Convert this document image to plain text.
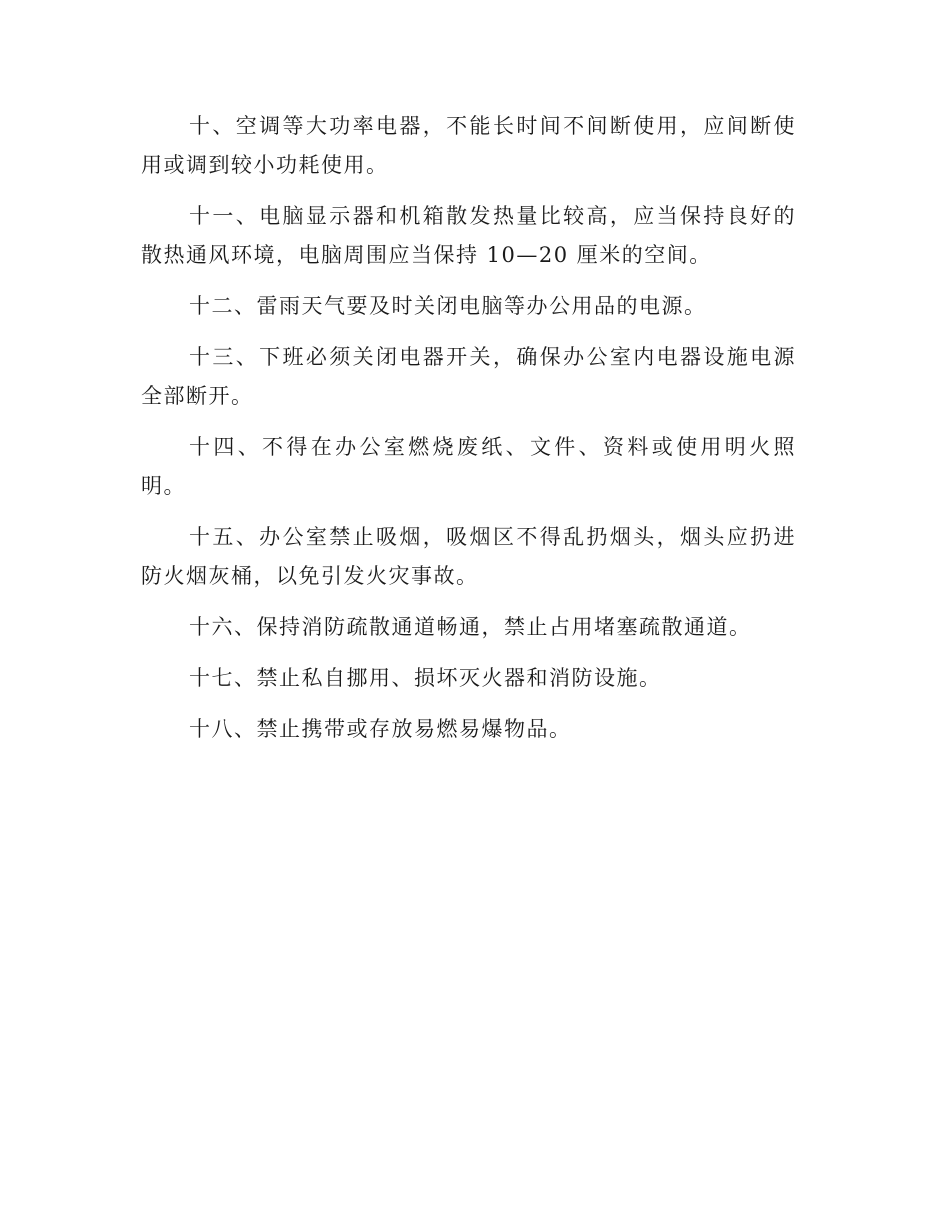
十、空调等大功率电器，不能长时间不间断使用，应间断使用或调到较小功耗使用。

十一、电脑显示器和机箱散发热量比较高，应当保持良好的散热通风环境，电脑周围应当保持 10—20 厘米的空间。

十二、雷雨天气要及时关闭电脑等办公用品的电源。

十三、下班必须关闭电器开关，确保办公室内电器设施电源全部断开。

十四、不得在办公室燃烧废纸、文件、资料或使用明火照明。

十五、办公室禁止吸烟，吸烟区不得乱扔烟头，烟头应扔进防火烟灰桶，以免引发火灾事故。

十六、保持消防疏散通道畅通，禁止占用堵塞疏散通道。

十七、禁止私自挪用、损坏灭火器和消防设施。

十八、禁止携带或存放易燃易爆物品。
